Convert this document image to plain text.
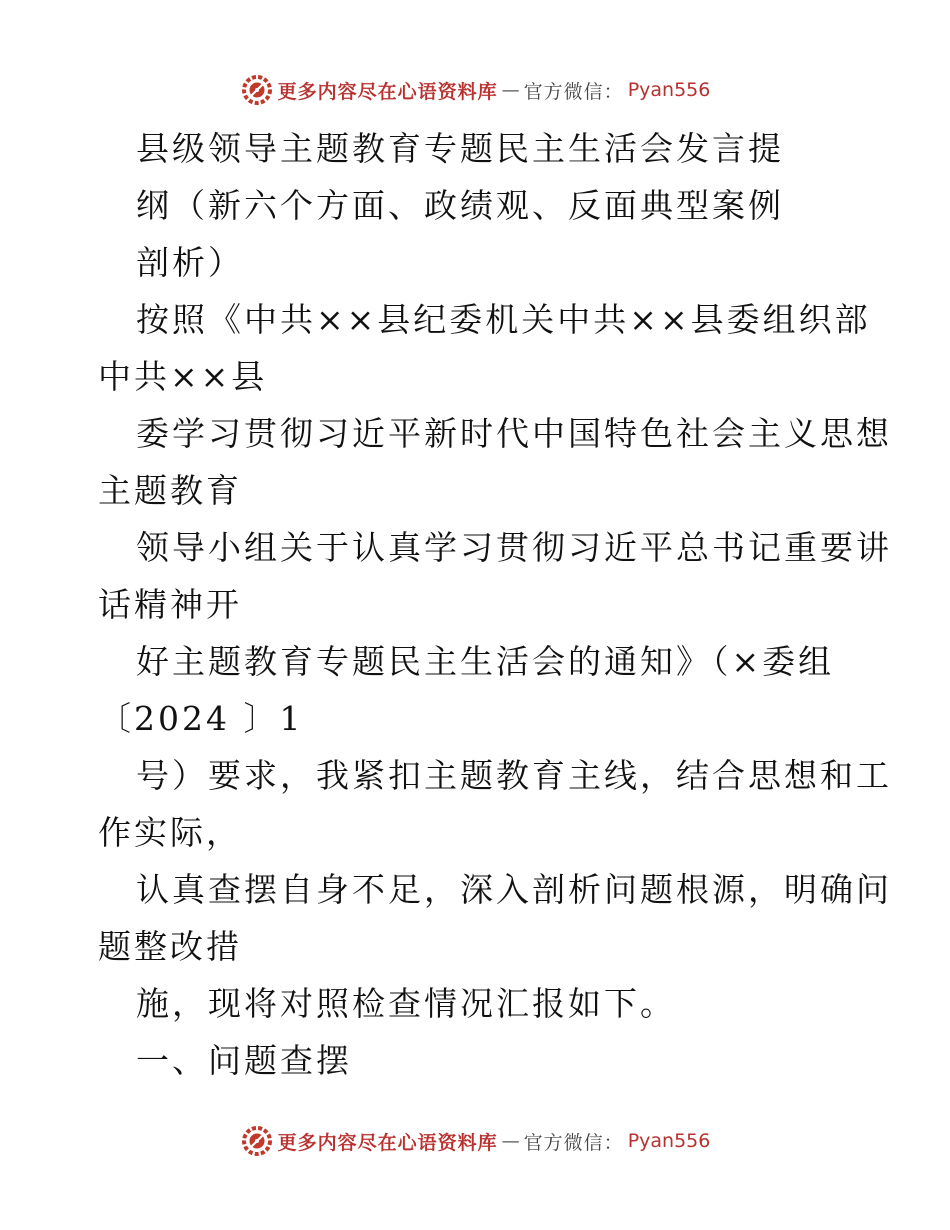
更多内容尽在心语资料库 — 官方微信： Pyan556

县级领导主题教育专题民主生活会发言提

纲（新六个方面、政绩观、反面典型案例

剖析）

按照《中共××县纪委机关中共××县委组织部

中共××县

委学习贯彻习近平新时代中国特色社会主义思想

主题教育

领导小组关于认真学习贯彻习近平总书记重要讲

话精神开

好主题教育专题民主生活会的通知》（×委组

〔2024 〕1

号）要求，我紧扣主题教育主线，结合思想和工

作实际，

认真查摆自身不足，深入剖析问题根源，明确问

题整改措

施，现将对照检查情况汇报如下。

一、问题查摆

更多内容尽在心语资料库 — 官方微信： Pyan556
